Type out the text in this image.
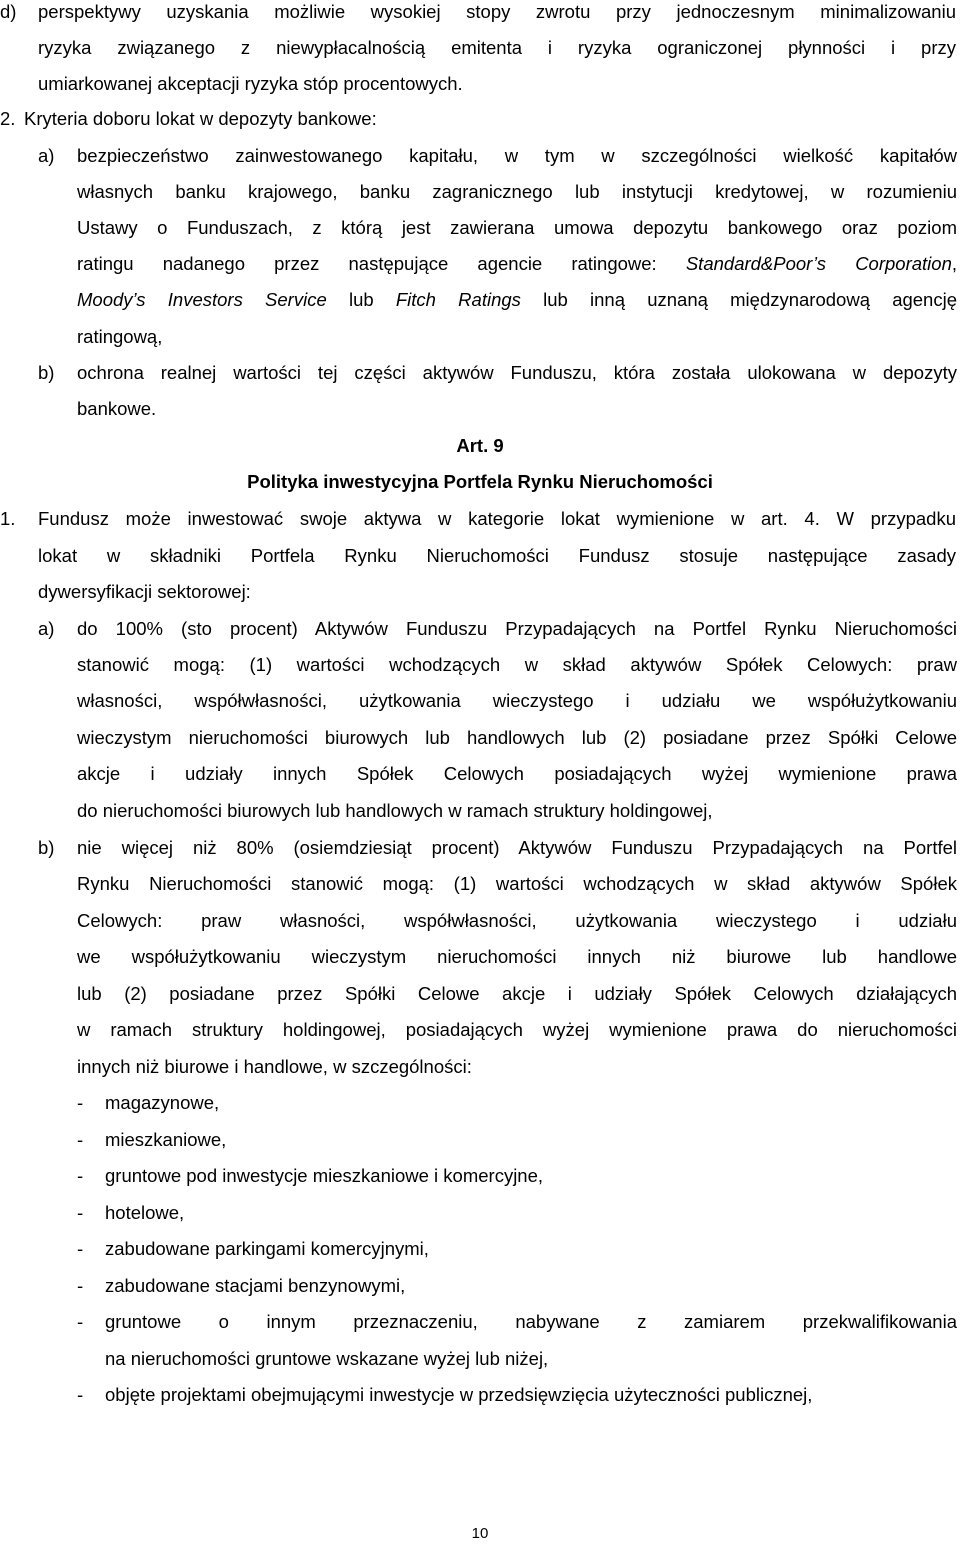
d) perspektywy uzyskania możliwie wysokiej stopy zwrotu przy jednoczesnym minimalizowaniu
ryzyka związanego z niewypłacalnością emitenta i ryzyka ograniczonej płynności i przy
umiarkowanej akceptacji ryzyka stóp procentowych.
2. Kryteria doboru lokat w depozyty bankowe:
a) bezpieczeństwo zainwestowanego kapitału, w tym w szczególności wielkość kapitałów
własnych banku krajowego, banku zagranicznego lub instytucji kredytowej, w rozumieniu
Ustawy o Funduszach, z którą jest zawierana umowa depozytu bankowego oraz poziom
ratingu nadanego przez następujące agencie ratingowe: Standard&Poor’s Corporation,
Moody’s Investors Service lub Fitch Ratings lub inną uznaną międzynarodową agencję
ratingową,
b) ochrona realnej wartości tej części aktywów Funduszu, która została ulokowana w depozyty
bankowe.
Art. 9
Polityka inwestycyjna Portfela Rynku Nieruchomości
1. Fundusz może inwestować swoje aktywa w kategorie lokat wymienione w art. 4. W przypadku
lokat w składniki Portfela Rynku Nieruchomości Fundusz stosuje następujące zasady
dywersyfikacji sektorowej:
a) do 100% (sto procent) Aktywów Funduszu Przypadających na Portfel Rynku Nieruchomości
stanowić mogą: (1) wartości wchodzących w skład aktywów Spółek Celowych: praw
własności, współwłasności, użytkowania wieczystego i udziału we współużytkowaniu
wieczystym nieruchomości biurowych lub handlowych lub (2) posiadane przez Spółki Celowe
akcje i udziały innych Spółek Celowych posiadających wyżej wymienione prawa
do nieruchomości biurowych lub handlowych w ramach struktury holdingowej,
b) nie więcej niż 80% (osiemdziesiąt procent) Aktywów Funduszu Przypadających na Portfel
Rynku Nieruchomości stanowić mogą: (1) wartości wchodzących w skład aktywów Spółek
Celowych: praw własności, współwłasności, użytkowania wieczystego i udziału
we współużytkowaniu wieczystym nieruchomości innych niż biurowe lub handlowe
lub (2) posiadane przez Spółki Celowe akcje i udziały Spółek Celowych działających
w ramach struktury holdingowej, posiadających wyżej wymienione prawa do nieruchomości
innych niż biurowe i handlowe, w szczególności:
- magazynowe,
- mieszkaniowe,
- gruntowe pod inwestycje mieszkaniowe i komercyjne,
- hotelowe,
- zabudowane parkingami komercyjnymi,
- zabudowane stacjami benzynowymi,
- gruntowe o innym przeznaczeniu, nabywane z zamiarem przekwalifikowania
na nieruchomości gruntowe wskazane wyżej lub niżej,
- objęte projektami obejmującymi inwestycje w przedsięwzięcia użyteczności publicznej,
10
